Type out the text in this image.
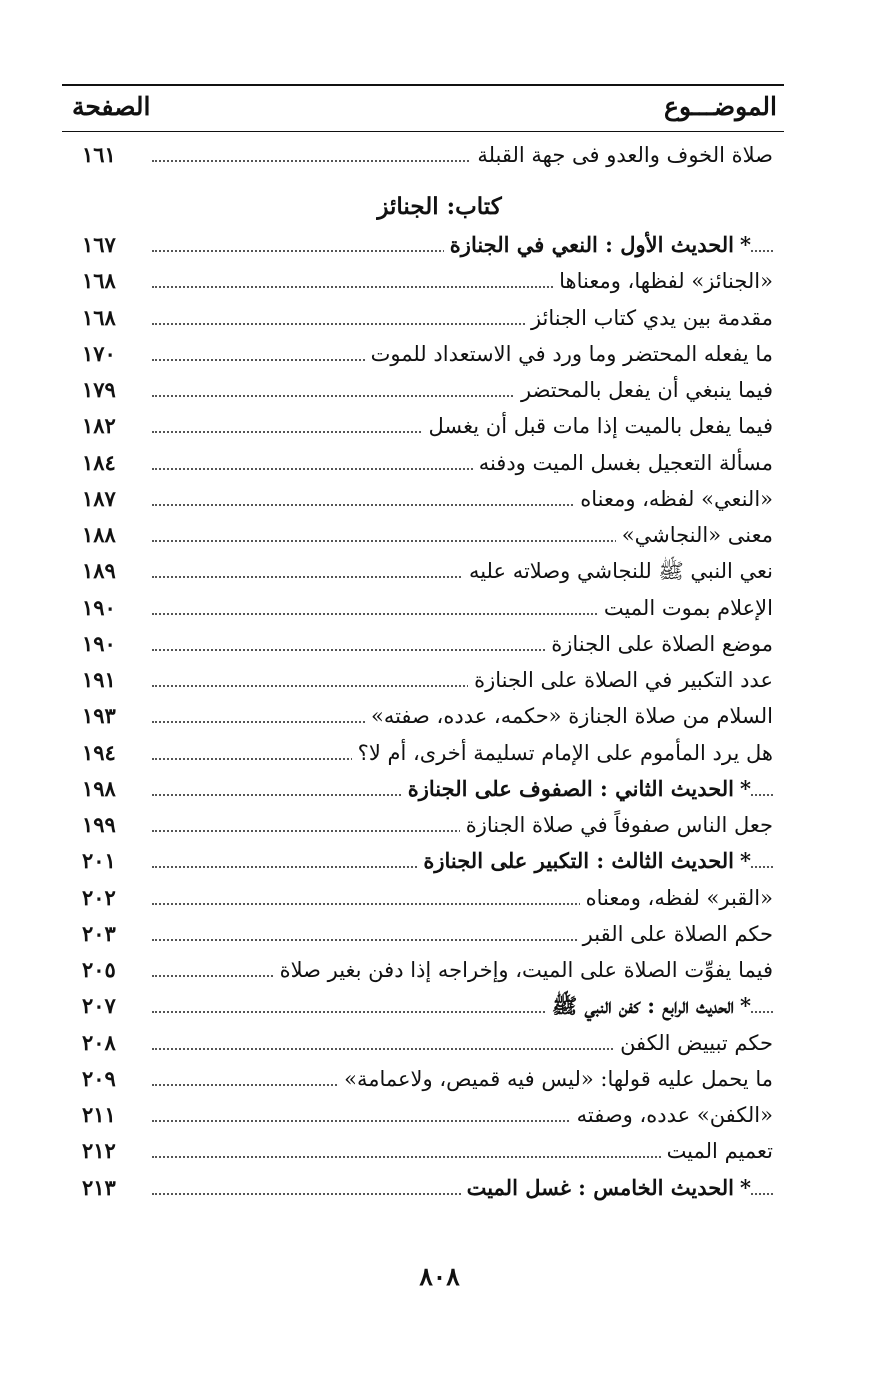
الموضـــوع
الصفحة
صلاة الخوف والعدو فى جهة القبلة
١٦١
كتاب: الجنائز
*الحديث الأول : النعي في الجنازة
١٦٧
«الجنائز» لفظها، ومعناها
١٦٨
مقدمة بين يدي كتاب الجنائز
١٦٨
ما يفعله المحتضر وما ورد في الاستعداد للموت
١٧٠
فيما ينبغي أن يفعل بالمحتضر
١٧٩
فيما يفعل بالميت إذا مات قبل أن يغسل
١٨٢
مسألة التعجيل بغسل الميت ودفنه
١٨٤
«النعي» لفظه، ومعناه
١٨٧
معنى «النجاشي»
١٨٨
نعي النبي ﷺ للنجاشي وصلاته عليه
١٨٩
الإعلام بموت الميت
١٩٠
موضع الصلاة على الجنازة
١٩٠
عدد التكبير في الصلاة على الجنازة
١٩١
السلام من صلاة الجنازة «حكمه، عدده، صفته»
١٩٣
هل يرد المأموم على الإمام تسليمة أخرى، أم لا؟
١٩٤
*الحديث الثاني : الصفوف على الجنازة
١٩٨
جعل الناس صفوفاً في صلاة الجنازة
١٩٩
*الحديث الثالث : التكبير على الجنازة
٢٠١
«القبر» لفظه، ومعناه
٢٠٢
حكم الصلاة على القبر
٢٠٣
فيما يفوِّت الصلاة على الميت، وإخراجه إذا دفن بغير صلاة
٢٠٥
*الحديث الرابع : كفن النبي ﷺ
٢٠٧
حكم تبييض الكفن
٢٠٨
ما يحمل عليه قولها: «ليس فيه قميص، ولاعمامة»
٢٠٩
«الكفن» عدده، وصفته
٢١١
تعميم الميت
٢١٢
*الحديث الخامس : غسل الميت
٢١٣
٨٠٨
